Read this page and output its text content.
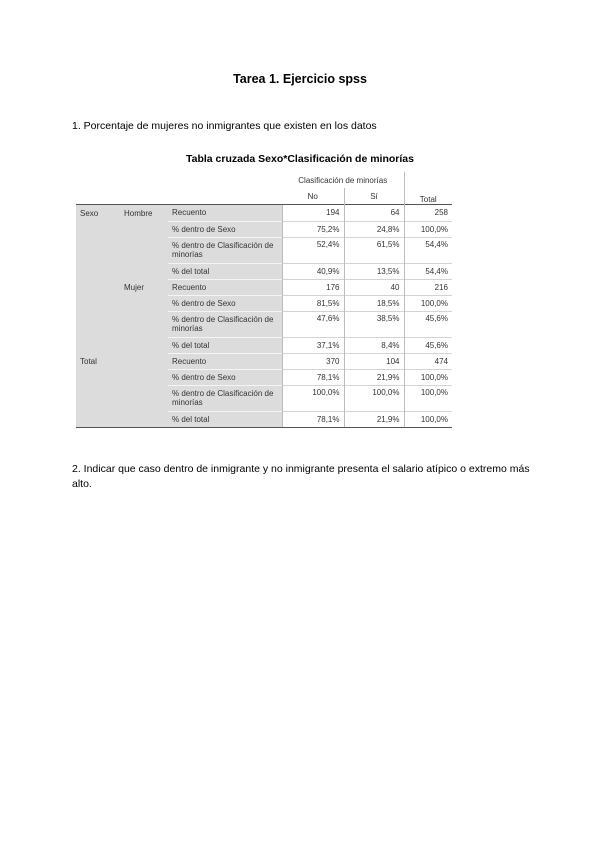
Tarea 1. Ejercicio spss
1. Porcentaje de mujeres no inmigrantes que existen en los datos
Tabla cruzada Sexo*Clasificación de minorías
			Clasificación de minorías		
			No	Sí	Total
Sexo	Hombre	Recuento	194	64	258
		% dentro de Sexo	75,2%	24,8%	100,0%
		% dentro de Clasificación de minorías	52,4%	61,5%	54,4%
		% del total	40,9%	13,5%	54,4%
	Mujer	Recuento	176	40	216
		% dentro de Sexo	81,5%	18,5%	100,0%
		% dentro de Clasificación de minorías	47,6%	38,5%	45,6%
		% del total	37,1%	8,4%	45,6%
Total		Recuento	370	104	474
		% dentro de Sexo	78,1%	21,9%	100,0%
		% dentro de Clasificación de minorías	100,0%	100,0%	100,0%
		% del total	78,1%	21,9%	100,0%
2. Indicar que caso dentro de inmigrante y no inmigrante presenta el salario atípico o extremo más alto.
